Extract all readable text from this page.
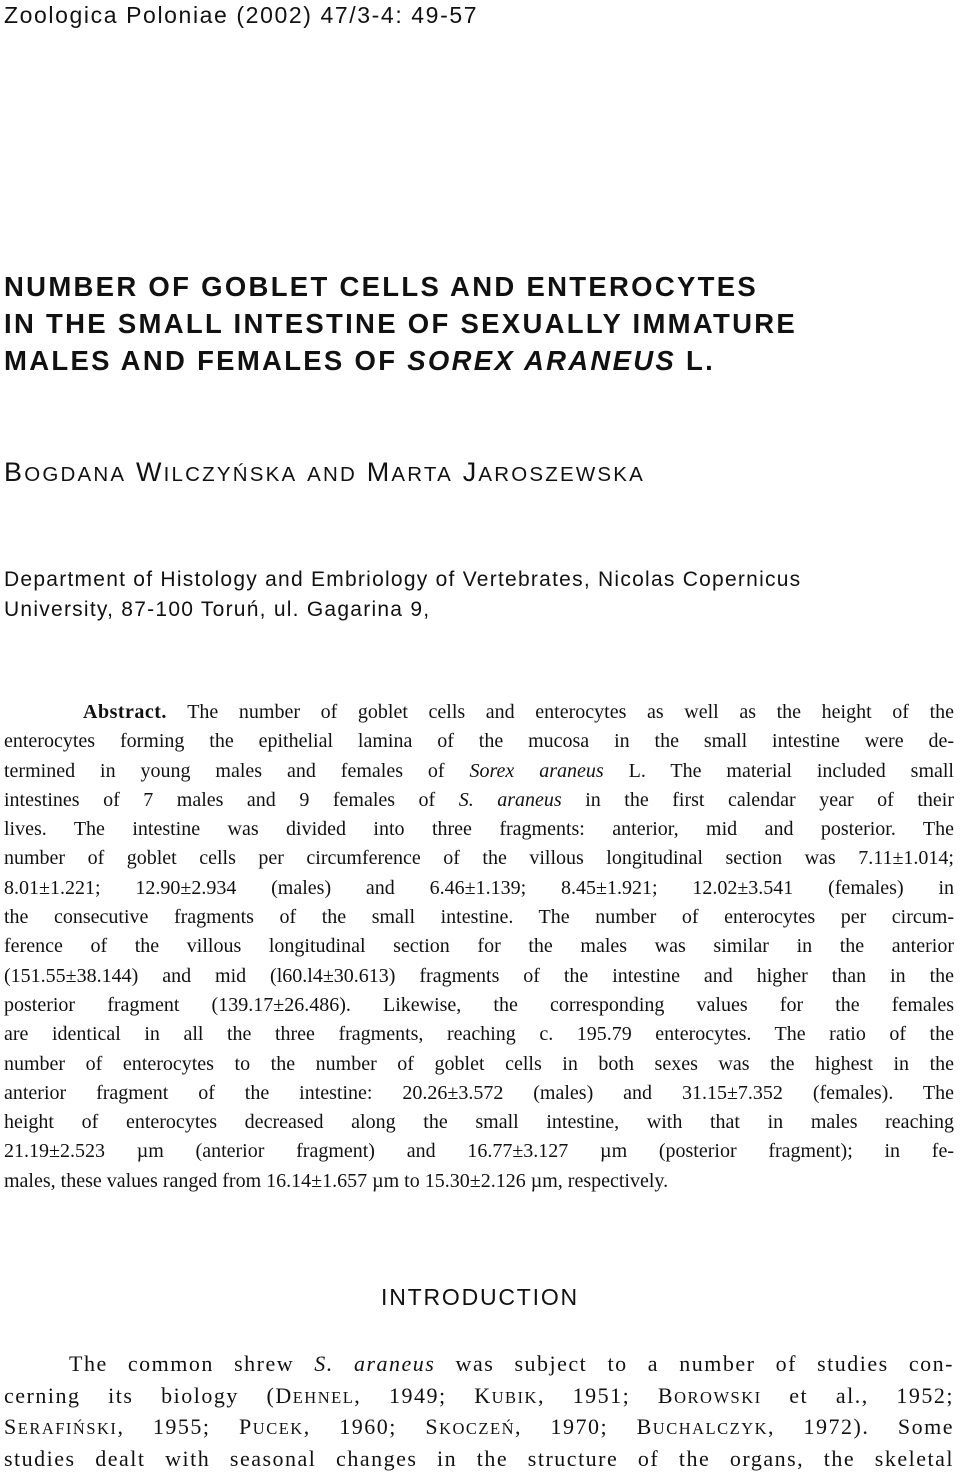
Zoologica Poloniae (2002) 47/3-4: 49-57
NUMBER OF GOBLET CELLS AND ENTEROCYTES
IN THE SMALL INTESTINE OF SEXUALLY IMMATURE
MALES AND FEMALES OF SOREX ARANEUS L.
BOGDANA WILCZYŃSKA AND MARTA JAROSZEWSKA
Department of Histology and Embriology of Vertebrates, Nicolas Copernicus
University, 87-100 Toruń, ul. Gagarina 9,
Abstract. The number of goblet cells and enterocytes as well as the height of the
enterocytes forming the epithelial lamina of the mucosa in the small intestine were de-
termined in young males and females of Sorex araneus L. The material included small
intestines of 7 males and 9 females of S. araneus in the first calendar year of their
lives. The intestine was divided into three fragments: anterior, mid and posterior. The
number of goblet cells per circumference of the villous longitudinal section was 7.11±1.014;
8.01±1.221; 12.90±2.934 (males) and 6.46±1.139; 8.45±1.921; 12.02±3.541 (females) in
the consecutive fragments of the small intestine. The number of enterocytes per circum-
ference of the villous longitudinal section for the males was similar in the anterior
(151.55±38.144) and mid (l60.l4±30.613) fragments of the intestine and higher than in the
posterior fragment (139.17±26.486). Likewise, the corresponding values for the females
are identical in all the three fragments, reaching c. 195.79 enterocytes. The ratio of the
number of enterocytes to the number of goblet cells in both sexes was the highest in the
anterior fragment of the intestine: 20.26±3.572 (males) and 31.15±7.352 (females). The
height of enterocytes decreased along the small intestine, with that in males reaching
21.19±2.523 µm (anterior fragment) and 16.77±3.127 µm (posterior fragment); in fe-
males, these values ranged from 16.14±1.657 µm to 15.30±2.126 µm, respectively.
INTRODUCTION
The common shrew S. araneus was subject to a number of studies con-
cerning its biology (DEHNEL, 1949; KUBIK, 1951; BOROWSKI et al., 1952;
SERAFIŃSKI, 1955; PUCEK, 1960; SKOCZEŃ, 1970; BUCHALCZYK, 1972). Some
studies dealt with seasonal changes in the structure of the organs, the skeletal
